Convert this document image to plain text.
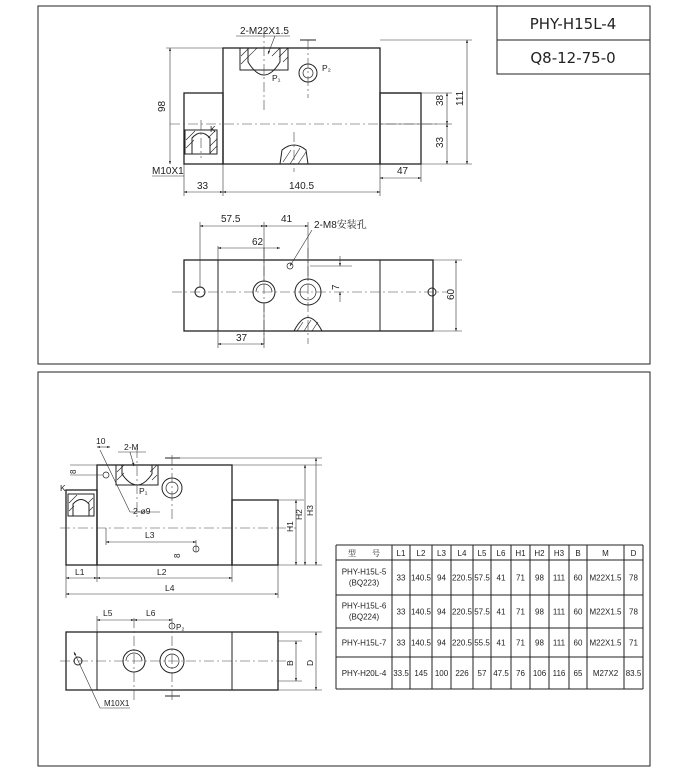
PHY-H15L-4
Q8-12-75-0
2-M22X1.5
P₁
P₂
K
M10X1
98
38
33
111
33	140.5
47
57.5	41
2-M8安装孔
62
7
60
37
10
2-M
8
K	P₁
2-ø9
L3
8
L1	L2
L4
H1
H2 H3
L5	L6
P₂
B D
M10X1
型　　号 L1 L2 L3 L4 L5 L6 H1 H2 H3 B	M	D
PHY-H15L-5
(BQ223)
33 140.5 94 220.5 57.5 41 71 98 111 60 M22X1.5 78
PHY-H15L-6
(BQ224)
33 140.5 94 220.5 57.5 41 71 98 111 60 M22X1.5 78
PHY-H15L-7 33 140.5 94 220.5 55.5 41 71 98 111 60 M22X1.5 71
PHY-H20L-4 33.5 145 100 226 57 47.5 76 106 116 65 M27X2 83.5
